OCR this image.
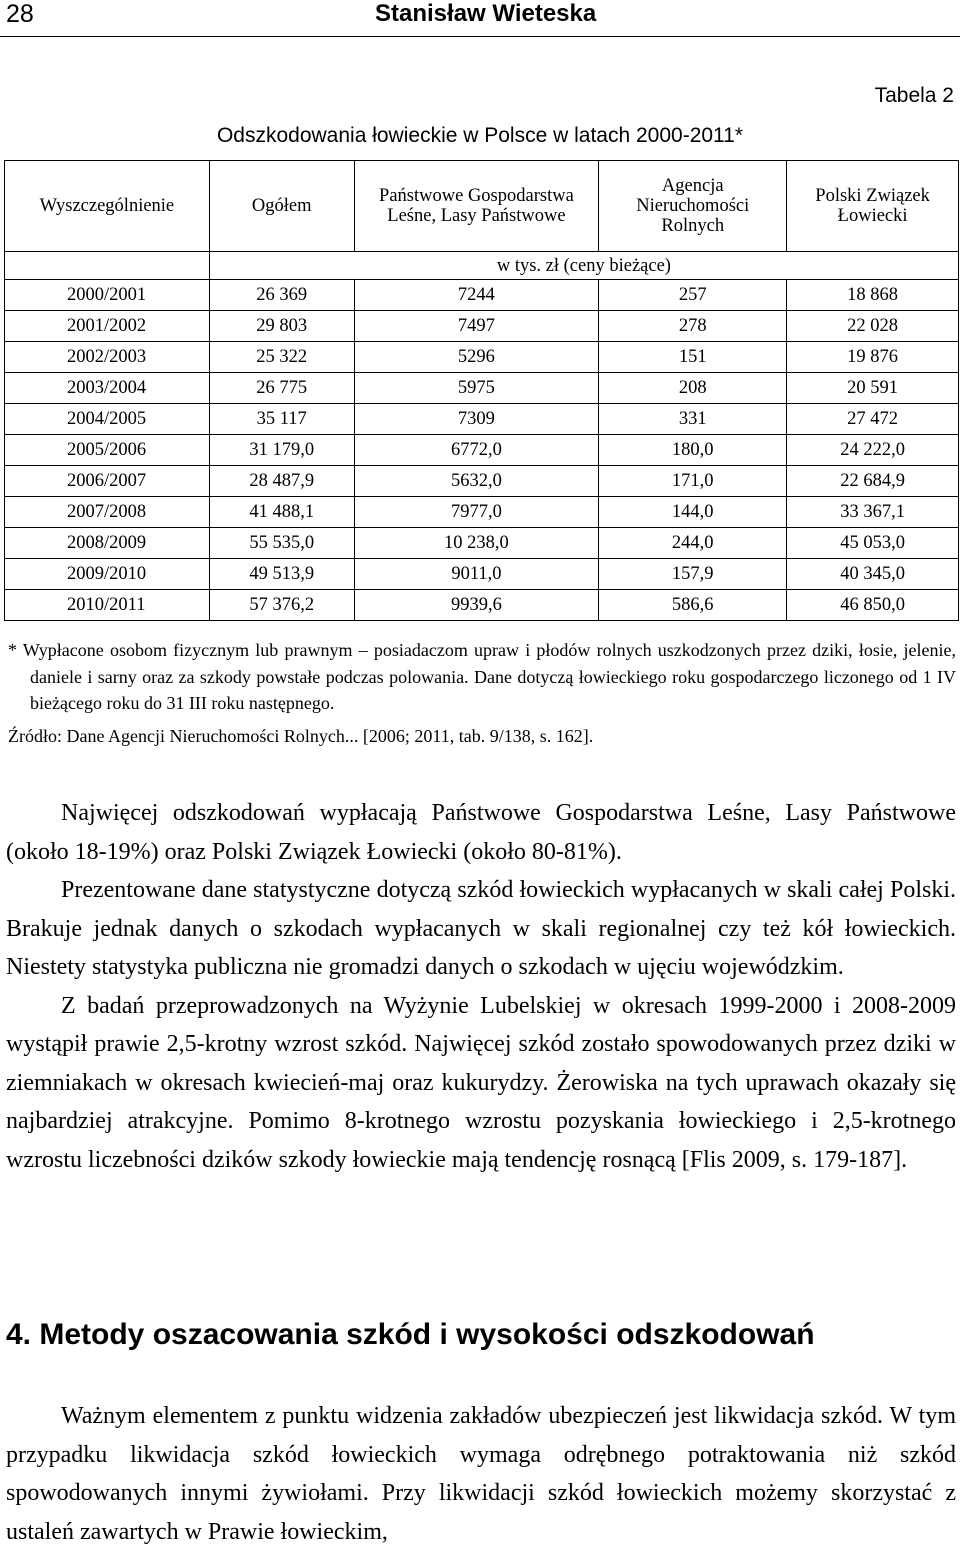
28	Stanisław Wieteska
Tabela 2
Odszkodowania łowieckie w Polsce w latach 2000-2011*
Wyszczególnienie	Ogółem	Państwowe Gospodarstwa Leśne, Lasy Państwowe	Agencja Nieruchomości Rolnych	Polski Związek Łowiecki
	w tys. zł (ceny bieżące)			
2000/2001	26 369	7244	257	18 868
2001/2002	29 803	7497	278	22 028
2002/2003	25 322	5296	151	19 876
2003/2004	26 775	5975	208	20 591
2004/2005	35 117	7309	331	27 472
2005/2006	31 179,0	6772,0	180,0	24 222,0
2006/2007	28 487,9	5632,0	171,0	22 684,9
2007/2008	41 488,1	7977,0	144,0	33 367,1
2008/2009	55 535,0	10 238,0	244,0	45 053,0
2009/2010	49 513,9	9011,0	157,9	40 345,0
2010/2011	57 376,2	9939,6	586,6	46 850,0

* Wypłacone osobom fizycznym lub prawnym – posiadaczom upraw i płodów rolnych uszkodzonych przez dziki, łosie, jelenie, daniele i sarny oraz za szkody powstałe podczas polowania. Dane dotyczą łowieckiego roku gospodarczego liczonego od 1 IV bieżącego roku do 31 III roku następnego.

Źródło: Dane Agencji Nieruchomości Rolnych... [2006; 2011, tab. 9/138, s. 162].

Najwięcej odszkodowań wypłacają Państwowe Gospodarstwa Leśne, Lasy Państwowe (około 18-19%) oraz Polski Związek Łowiecki (około 80-81%).

Prezentowane dane statystyczne dotyczą szkód łowieckich wypłacanych w skali całej Polski. Brakuje jednak danych o szkodach wypłacanych w skali regionalnej czy też kół łowieckich. Niestety statystyka publiczna nie gromadzi danych o szkodach w ujęciu wojewódzkim.

Z badań przeprowadzonych na Wyżynie Lubelskiej w okresach 1999-2000 i 2008-2009 wystąpił prawie 2,5-krotny wzrost szkód. Najwięcej szkód zostało spowodowanych przez dziki w ziemniakach w okresach kwiecień-maj oraz kukurydzy. Żerowiska na tych uprawach okazały się najbardziej atrakcyjne. Pomimo 8-krotnego wzrostu pozyskania łowieckiego i 2,5-krotnego wzrostu liczebności dzików szkody łowieckie mają tendencję rosnącą [Flis 2009, s. 179-187].

4. Metody oszacowania szkód i wysokości odszkodowań

Ważnym elementem z punktu widzenia zakładów ubezpieczeń jest likwidacja szkód. W tym przypadku likwidacja szkód łowieckich wymaga odrębnego potraktowania niż szkód spowodowanych innymi żywiołami. Przy likwidacji szkód łowieckich możemy skorzystać z ustaleń zawartych w Prawie łowieckim,
